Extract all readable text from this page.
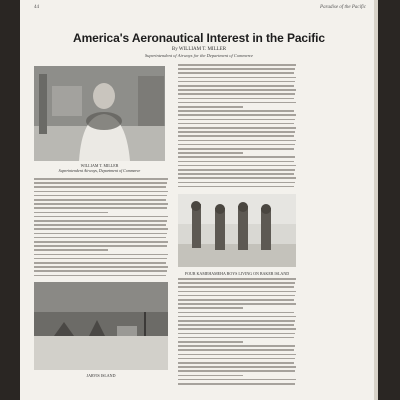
44	Paradise of the Pacific
America's Aeronautical Interest in the Pacific
By WILLIAM T. MILLER
Superintendent of Airways for the Department of Commerce
WILLIAM T. MILLER
Superintendent Airways, Department of Commerce
FOUR KAMEHAMEHA BOYS LIVING ON BAKER ISLAND
JARVIS ISLAND
